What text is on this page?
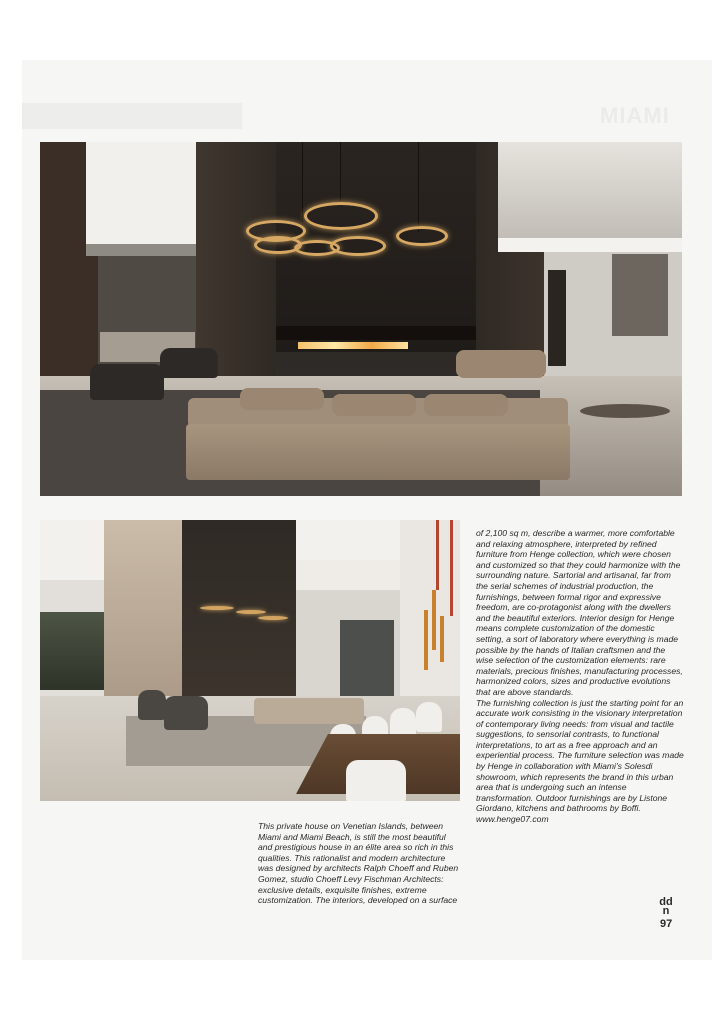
MIAMI

of 2,100 sq m, describe a warmer, more comfortable and relaxing atmosphere, interpreted by refined furniture from Henge collection, which were chosen and customized so that they could harmonize with the surrounding nature. Sartorial and artisanal, far from the serial schemes of industrial production, the furnishings, between formal rigor and expressive freedom, are co-protagonist along with the dwellers and the beautiful exteriors. Interior design for Henge means complete customization of the domestic setting, a sort of laboratory where everything is made possible by the hands of Italian craftsmen and the wise selection of the customization elements: rare materials, precious finishes, manufacturing processes, harmonized colors, sizes and productive evolutions that are above standards.

The furnishing collection is just the starting point for an accurate work consisting in the visionary interpretation of contemporary living needs: from visual and tactile suggestions, to sensorial contrasts, to functional interpretations, to art as a free approach and an experiential process. The furniture selection was made by Henge in collaboration with Miami's Solesdi showroom, which represents the brand in this urban area that is undergoing such an intense transformation. Outdoor furnishings are by Listone Giordano, kitchens and bathrooms by Boffi. www.henge07.com

This private house on Venetian Islands, between Miami and Miami Beach, is still the most beautiful and prestigious house in an élite area so rich in this qualities. This rationalist and modern architecture was designed by architects Ralph Choeff and Ruben Gomez, studio Choeff Levy Fischman Architects: exclusive details, exquisite finishes, extreme customization. The interiors, developed on a surface	dd
n
97
